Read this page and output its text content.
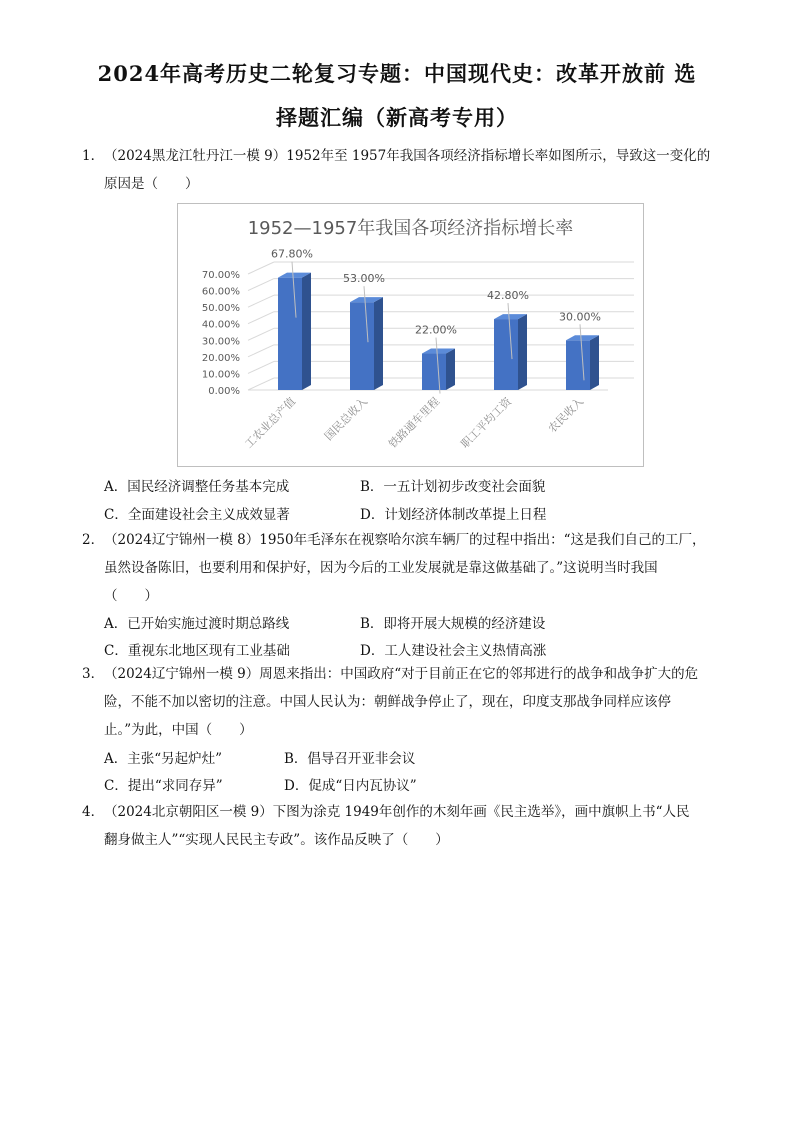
2024年高考历史二轮复习专题：中国现代史：改革开放前 选
择题汇编（新高考专用）
1．（2024黑龙江牡丹江一模 9）1952年至 1957年我国各项经济指标增长率如图所示，导致这一变化的
原因是（　　）
1952—1957年我国各项经济指标增长率
0.00%
10.00%
20.00%
30.00%
40.00%
50.00%
60.00%
70.00%
67.80%
工农业总产值
53.00%
国民总收入
22.00%
铁路通车里程
42.80%
职工平均工资
30.00%
农民收入
A．国民经济调整任务基本完成	B．一五计划初步改变社会面貌
C．全面建设社会主义成效显著	D．计划经济体制改革提上日程
2．（2024辽宁锦州一模 8）1950年毛泽东在视察哈尔滨车辆厂的过程中指出：“这是我们自己的工厂，
虽然设备陈旧，也要利用和保护好，因为今后的工业发展就是靠这做基础了。”这说明当时我国
（　　）
A．已开始实施过渡时期总路线	B．即将开展大规模的经济建设
C．重视东北地区现有工业基础	D．工人建设社会主义热情高涨
3．（2024辽宁锦州一模 9）周恩来指出：中国政府“对于目前正在它的邻邦进行的战争和战争扩大的危
险，不能不加以密切的注意。中国人民认为：朝鲜战争停止了，现在，印度支那战争同样应该停
止。”为此，中国（　　）
A．主张“另起炉灶”	B．倡导召开亚非会议
C．提出“求同存异”	D．促成“日内瓦协议”
4．（2024北京朝阳区一模 9）下图为涂克 1949年创作的木刻年画《民主选举》，画中旗帜上书“人民
翻身做主人”“实现人民民主专政”。该作品反映了（　　）
